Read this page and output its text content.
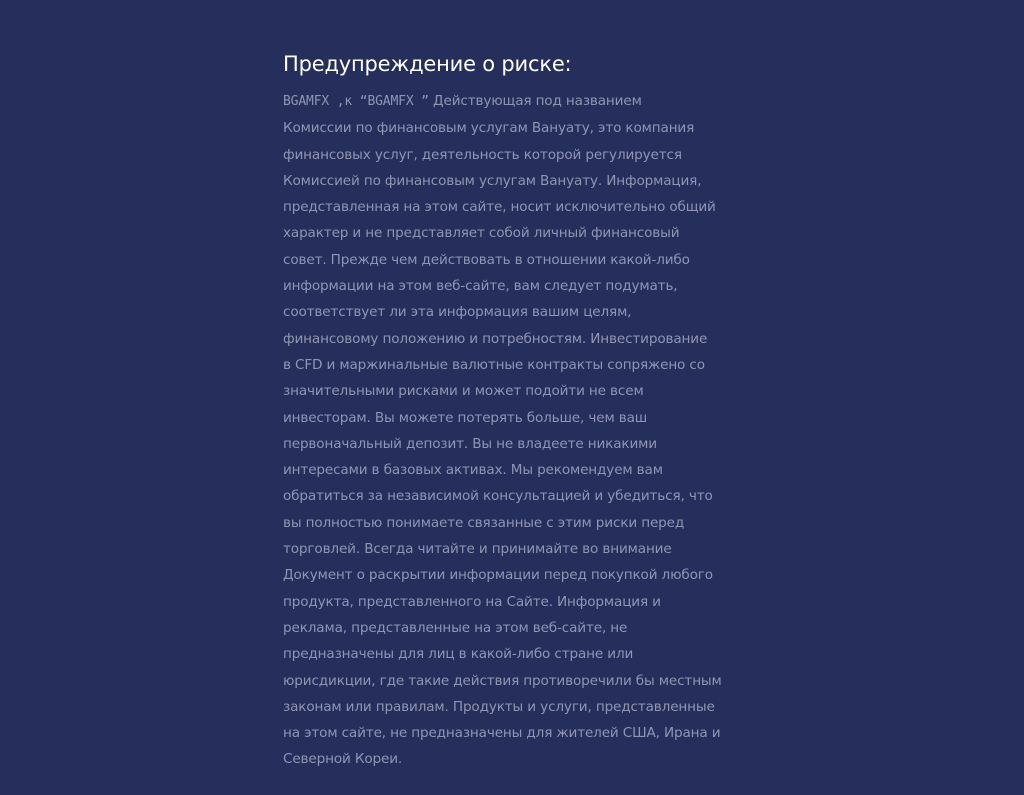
Предупреждение о риске:

BGAMFX ,к “BGAMFX ” Действующая под названием
Комиссии по финансовым услугам Вануату, это компания
финансовых услуг, деятельность которой регулируется
Комиссией по финансовым услугам Вануату. Информация,
представленная на этом сайте, носит исключительно общий
характер и не представляет собой личный финансовый
совет. Прежде чем действовать в отношении какой-либо
информации на этом веб-сайте, вам следует подумать,
соответствует ли эта информация вашим целям,
финансовому положению и потребностям. Инвестирование
в CFD и маржинальные валютные контракты сопряжено со
значительными рисками и может подойти не всем
инвесторам. Вы можете потерять больше, чем ваш
первоначальный депозит. Вы не владеете никакими
интересами в базовых активах. Мы рекомендуем вам
обратиться за независимой консультацией и убедиться, что
вы полностью понимаете связанные с этим риски перед
торговлей. Всегда читайте и принимайте во внимание
Документ о раскрытии информации перед покупкой любого
продукта, представленного на Сайте. Информация и
реклама, представленные на этом веб-сайте, не
предназначены для лиц в какой-либо стране или
юрисдикции, где такие действия противоречили бы местным
законам или правилам. Продукты и услуги, представленные
на этом сайте, не предназначены для жителей США, Ирана и
Северной Кореи.
